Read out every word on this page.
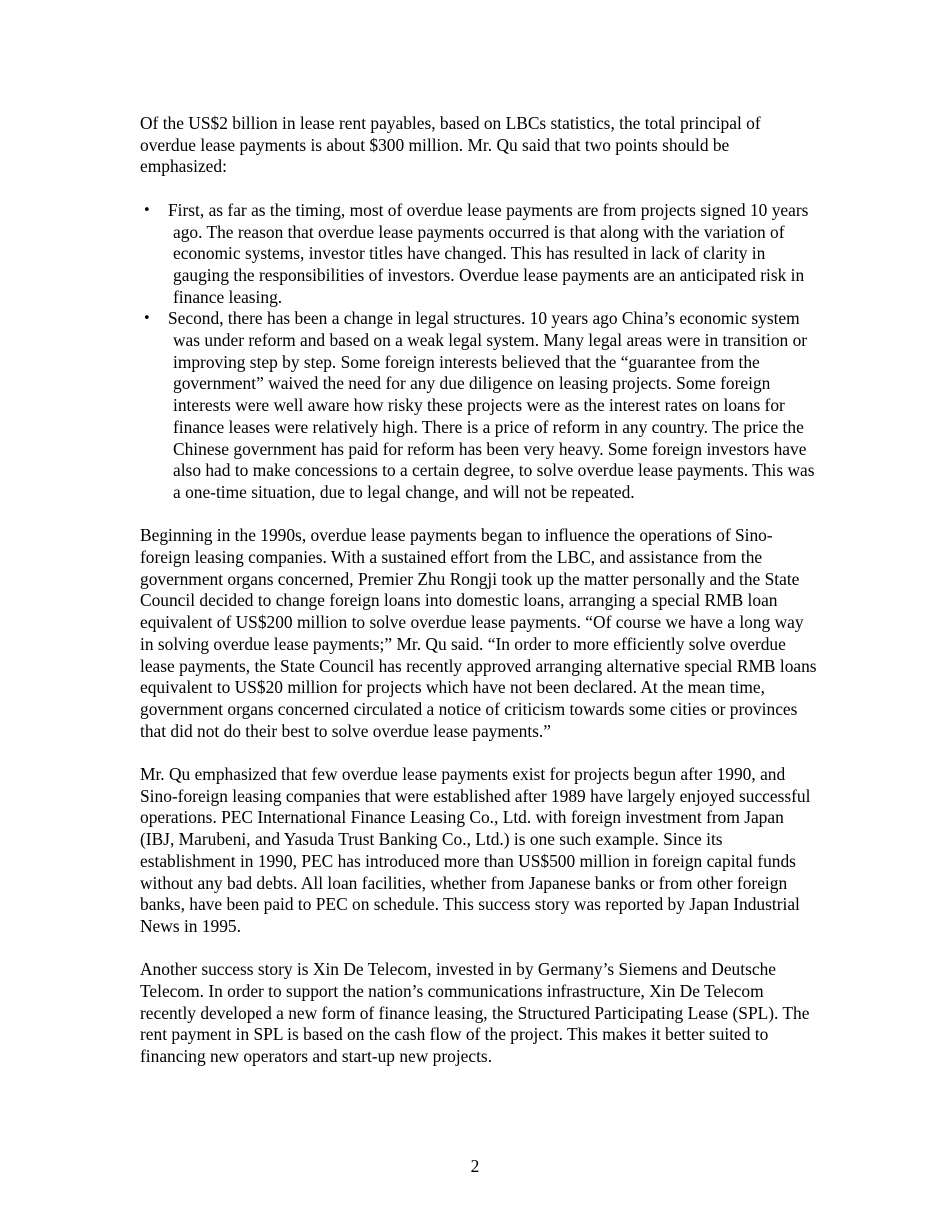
Of the US$2 billion in lease rent payables, based on LBCs statistics, the total principal of overdue lease payments is about $300 million. Mr. Qu said that two points should be emphasized:

• First, as far as the timing, most of overdue lease payments are from projects signed 10 years ago. The reason that overdue lease payments occurred is that along with the variation of economic systems, investor titles have changed. This has resulted in lack of clarity in gauging the responsibilities of investors. Overdue lease payments are an anticipated risk in finance leasing.
• Second, there has been a change in legal structures. 10 years ago China’s economic system was under reform and based on a weak legal system. Many legal areas were in transition or improving step by step. Some foreign interests believed that the “guarantee from the government” waived the need for any due diligence on leasing projects. Some foreign interests were well aware how risky these projects were as the interest rates on loans for finance leases were relatively high. There is a price of reform in any country. The price the Chinese government has paid for reform has been very heavy. Some foreign investors have also had to make concessions to a certain degree, to solve overdue lease payments. This was a one-time situation, due to legal change, and will not be repeated.

Beginning in the 1990s, overdue lease payments began to influence the operations of Sino-foreign leasing companies. With a sustained effort from the LBC, and assistance from the government organs concerned, Premier Zhu Rongji took up the matter personally and the State Council decided to change foreign loans into domestic loans, arranging a special RMB loan equivalent of US$200 million to solve overdue lease payments. “Of course we have a long way in solving overdue lease payments;” Mr. Qu said. “In order to more efficiently solve overdue lease payments, the State Council has recently approved arranging alternative special RMB loans equivalent to US$20 million for projects which have not been declared. At the mean time, government organs concerned circulated a notice of criticism towards some cities or provinces that did not do their best to solve overdue lease payments.”

Mr. Qu emphasized that few overdue lease payments exist for projects begun after 1990, and Sino-foreign leasing companies that were established after 1989 have largely enjoyed successful operations. PEC International Finance Leasing Co., Ltd. with foreign investment from Japan (IBJ, Marubeni, and Yasuda Trust Banking Co., Ltd.) is one such example. Since its establishment in 1990, PEC has introduced more than US$500 million in foreign capital funds without any bad debts. All loan facilities, whether from Japanese banks or from other foreign banks, have been paid to PEC on schedule. This success story was reported by Japan Industrial News in 1995.

Another success story is Xin De Telecom, invested in by Germany’s Siemens and Deutsche Telecom. In order to support the nation’s communications infrastructure, Xin De Telecom recently developed a new form of finance leasing, the Structured Participating Lease (SPL). The rent payment in SPL is based on the cash flow of the project. This makes it better suited to financing new operators and start-up new projects.

2
